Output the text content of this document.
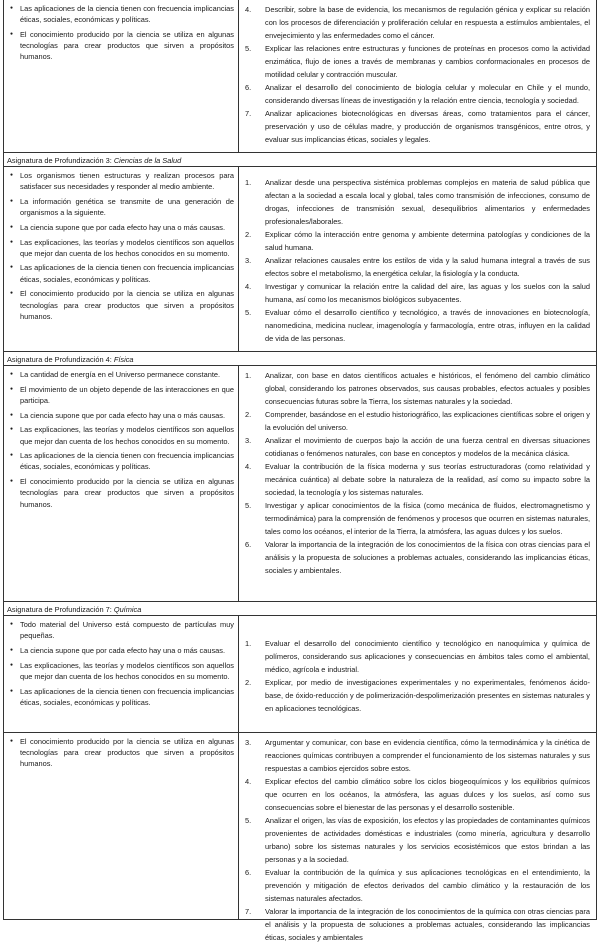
● Las aplicaciones de la ciencia tienen con frecuencia implicancias éticas, sociales, económicas y políticas.
● El conocimiento producido por la ciencia se utiliza en algunas tecnologías para crear productos que sirven a propósitos humanos.
4. Describir, sobre la base de evidencia, los mecanismos de regulación génica y explicar su relación con los procesos de diferenciación y proliferación celular en respuesta a estímulos ambientales, el envejecimiento y las enfermedades como el cáncer.
5. Explicar las relaciones entre estructuras y funciones de proteínas en procesos como la actividad enzimática, flujo de iones a través de membranas y cambios conformacionales en procesos de motilidad celular y contracción muscular.
6. Analizar el desarrollo del conocimiento de biología celular y molecular en Chile y el mundo, considerando diversas líneas de investigación y la relación entre ciencia, tecnología y sociedad.
7. Analizar aplicaciones biotecnológicas en diversas áreas, como tratamientos para el cáncer, preservación y uso de células madre, y producción de organismos transgénicos, entre otros, y evaluar sus implicancias éticas, sociales y legales.
Asignatura de Profundización 3: Ciencias de la Salud
● Los organismos tienen estructuras y realizan procesos para satisfacer sus necesidades y responder al medio ambiente.
● La información genética se transmite de una generación de organismos a la siguiente.
● La ciencia supone que por cada efecto hay una o más causas.
● Las explicaciones, las teorías y modelos científicos son aquellos que mejor dan cuenta de los hechos conocidos en su momento.
● Las aplicaciones de la ciencia tienen con frecuencia implicancias éticas, sociales, económicas y políticas.
● El conocimiento producido por la ciencia se utiliza en algunas tecnologías para crear productos que sirven a propósitos humanos.
1. Analizar desde una perspectiva sistémica problemas complejos en materia de salud pública que afectan a la sociedad a escala local y global, tales como transmisión de infecciones, consumo de drogas, infecciones de transmisión sexual, desequilibrios alimentarios y enfermedades profesionales/laborales.
2. Explicar cómo la interacción entre genoma y ambiente determina patologías y condiciones de la salud humana.
3. Analizar relaciones causales entre los estilos de vida y la salud humana integral a través de sus efectos sobre el metabolismo, la energética celular, la fisiología y la conducta.
4. Investigar y comunicar la relación entre la calidad del aire, las aguas y los suelos con la salud humana, así como los mecanismos biológicos subyacentes.
5. Evaluar cómo el desarrollo científico y tecnológico, a través de innovaciones en biotecnología, nanomedicina, medicina nuclear, imagenología y farmacología, entre otras, influyen en la calidad de vida de las personas.
Asignatura de Profundización 4: Física
● La cantidad de energía en el Universo permanece constante.
● El movimiento de un objeto depende de las interacciones en que participa.
● La ciencia supone que por cada efecto hay una o más causas.
● Las explicaciones, las teorías y modelos científicos son aquellos que mejor dan cuenta de los hechos conocidos en su momento.
● Las aplicaciones de la ciencia tienen con frecuencia implicancias éticas, sociales, económicas y políticas.
● El conocimiento producido por la ciencia se utiliza en algunas tecnologías para crear productos que sirven a propósitos humanos.
1. Analizar, con base en datos científicos actuales e históricos, el fenómeno del cambio climático global, considerando los patrones observados, sus causas probables, efectos actuales y posibles consecuencias futuras sobre la Tierra, los sistemas naturales y la sociedad.
2. Comprender, basándose en el estudio historiográfico, las explicaciones científicas sobre el origen y la evolución del universo.
3. Analizar el movimiento de cuerpos bajo la acción de una fuerza central en diversas situaciones cotidianas o fenómenos naturales, con base en conceptos y modelos de la mecánica clásica.
4. Evaluar la contribución de la física moderna y sus teorías estructuradoras (como relatividad y mecánica cuántica) al debate sobre la naturaleza de la realidad, así como su impacto sobre la sociedad, la tecnología y los sistemas naturales.
5. Investigar y aplicar conocimientos de la física (como mecánica de fluidos, electromagnetismo y termodinámica) para la comprensión de fenómenos y procesos que ocurren en sistemas naturales, tales como los océanos, el interior de la Tierra, la atmósfera, las aguas dulces y los suelos.
6. Valorar la importancia de la integración de los conocimientos de la física con otras ciencias para el análisis y la propuesta de soluciones a problemas actuales, considerando las implicancias éticas, sociales y ambientales.
Asignatura de Profundización 7: Química
● Todo material del Universo está compuesto de partículas muy pequeñas.
● La ciencia supone que por cada efecto hay una o más causas.
● Las explicaciones, las teorías y modelos científicos son aquellos que mejor dan cuenta de los hechos conocidos en su momento.
● Las aplicaciones de la ciencia tienen con frecuencia implicancias éticas, sociales, económicas y políticas.
1. Evaluar el desarrollo del conocimiento científico y tecnológico en nanoquímica y química de polímeros, considerando sus aplicaciones y consecuencias en ámbitos tales como el ambiental, médico, agrícola e industrial.
2. Explicar, por medio de investigaciones experimentales y no experimentales, fenómenos ácido-base, de óxido-reducción y de polimerización-despolimerización presentes en sistemas naturales y en aplicaciones tecnológicas.
● El conocimiento producido por la ciencia se utiliza en algunas tecnologías para crear productos que sirven a propósitos humanos.
3. Argumentar y comunicar, con base en evidencia científica, cómo la termodinámica y la cinética de reacciones químicas contribuyen a comprender el funcionamiento de los sistemas naturales y sus respuestas a cambios ejercidos sobre estos.
4. Explicar efectos del cambio climático sobre los ciclos biogeoquímicos y los equilibrios químicos que ocurren en los océanos, la atmósfera, las aguas dulces y los suelos, así como sus consecuencias sobre el bienestar de las personas y el desarrollo sostenible.
5. Analizar el origen, las vías de exposición, los efectos y las propiedades de contaminantes químicos provenientes de actividades domésticas e industriales (como minería, agricultura y desarrollo urbano) sobre los sistemas naturales y los servicios ecosistémicos que estos brindan a las personas y a la sociedad.
6. Evaluar la contribución de la química y sus aplicaciones tecnológicas en el entendimiento, la prevención y mitigación de efectos derivados del cambio climático y la restauración de los sistemas naturales afectados.
7. Valorar la importancia de la integración de los conocimientos de la química con otras ciencias para el análisis y la propuesta de soluciones a problemas actuales, considerando las implicancias éticas, sociales y ambientales
